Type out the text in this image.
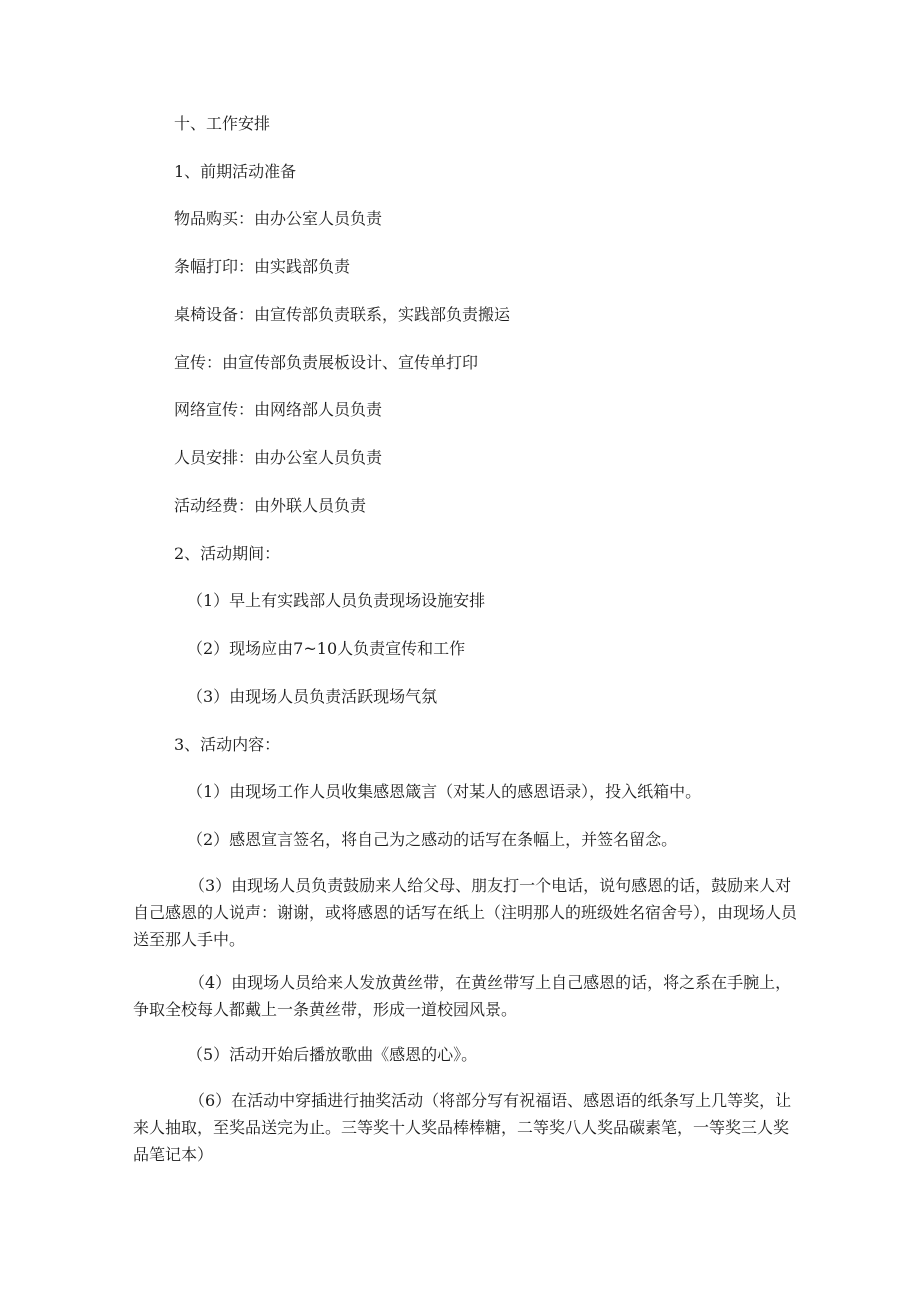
十、工作安排

1、前期活动准备

物品购买：由办公室人员负责

条幅打印：由实践部负责

桌椅设备：由宣传部负责联系，实践部负责搬运

宣传：由宣传部负责展板设计、宣传单打印

网络宣传：由网络部人员负责

人员安排：由办公室人员负责

活动经费：由外联人员负责

2、活动期间：

（1）早上有实践部人员负责现场设施安排

（2）现场应由7~10人负责宣传和工作

（3）由现场人员负责活跃现场气氛

3、活动内容：

（1）由现场工作人员收集感恩箴言（对某人的感恩语录），投入纸箱中。

（2）感恩宣言签名，将自己为之感动的话写在条幅上，并签名留念。

（3）由现场人员负责鼓励来人给父母、朋友打一个电话，说句感恩的话，鼓励来人对自己感恩的人说声：谢谢，或将感恩的话写在纸上（注明那人的班级姓名宿舍号），由现场人员送至那人手中。

（4）由现场人员给来人发放黄丝带，在黄丝带写上自己感恩的话，将之系在手腕上，争取全校每人都戴上一条黄丝带，形成一道校园风景。

（5）活动开始后播放歌曲《感恩的心》。

（6）在活动中穿插进行抽奖活动（将部分写有祝福语、感恩语的纸条写上几等奖，让来人抽取，至奖品送完为止。三等奖十人奖品棒棒糖，二等奖八人奖品碳素笔，一等奖三人奖品笔记本）
